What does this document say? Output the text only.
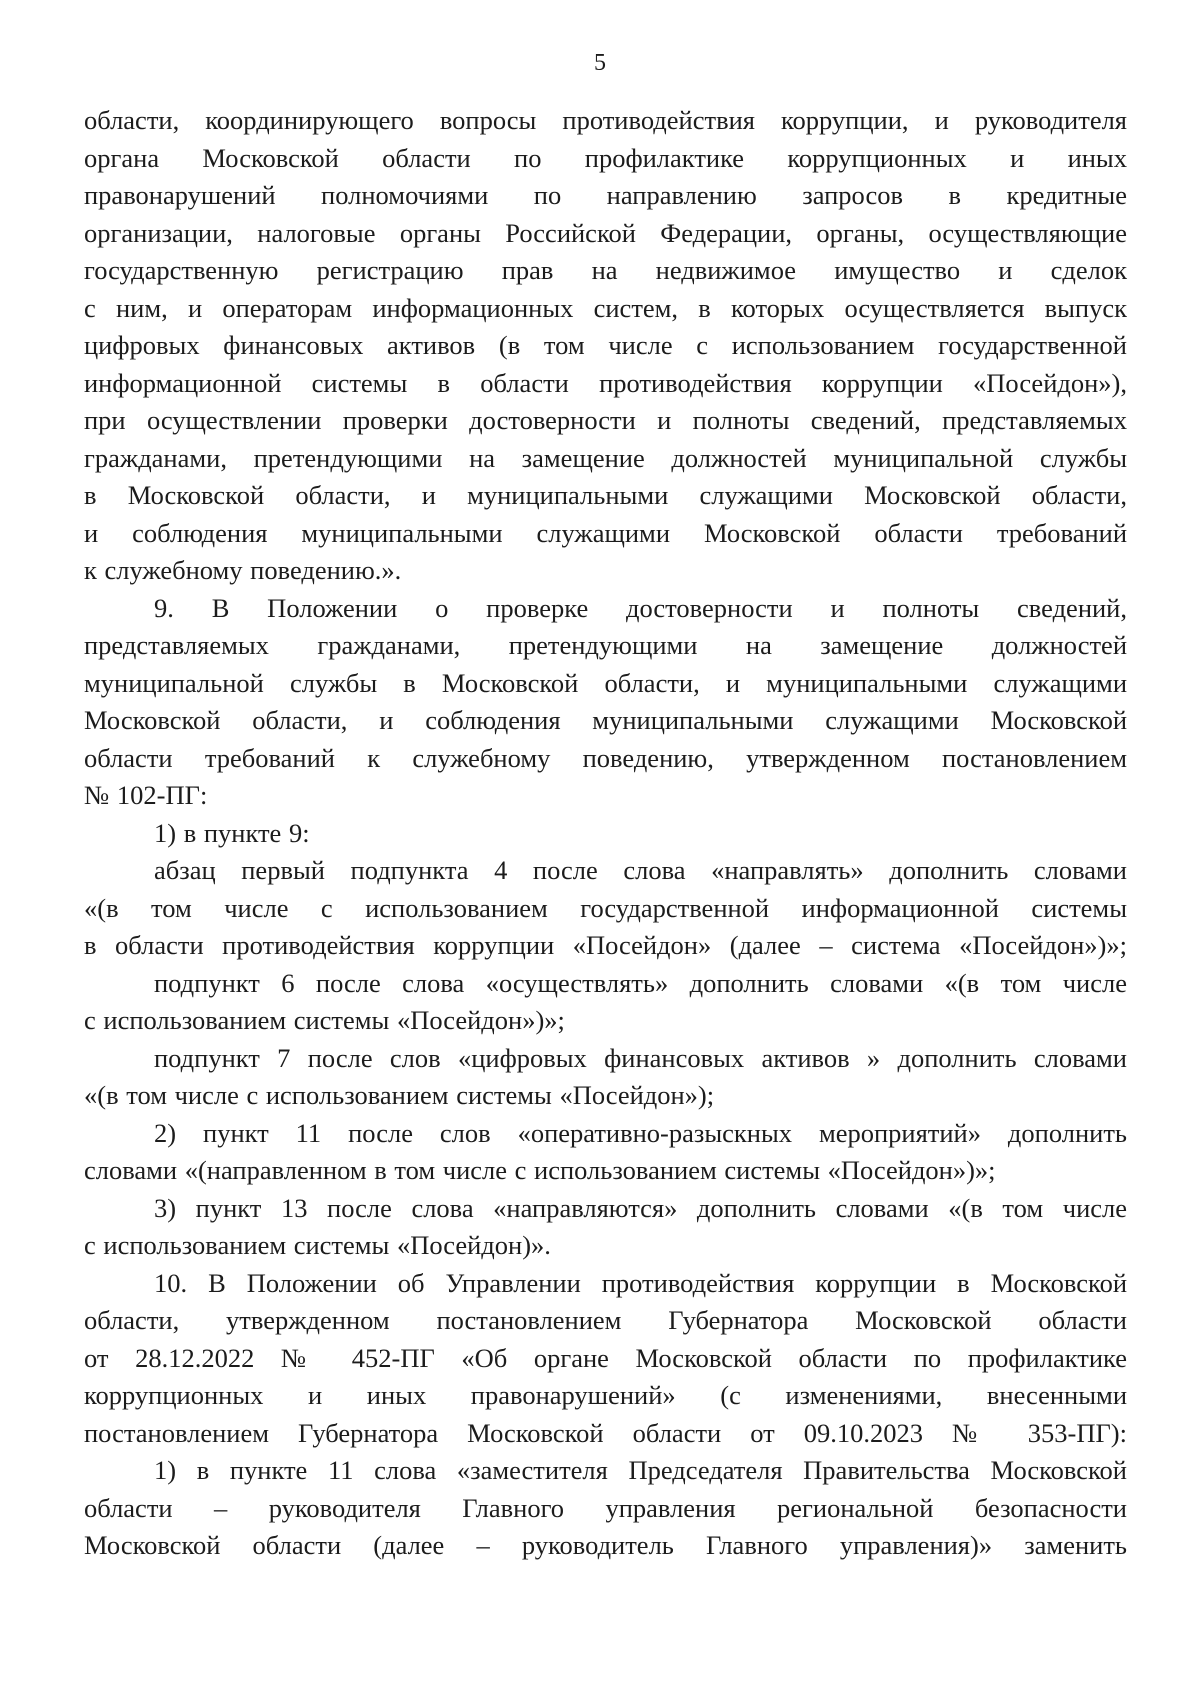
5

области, координирующего вопросы противодействия коррупции, и руководителя

органа Московской области по профилактике коррупционных и иных

правонарушений полномочиями по направлению запросов в кредитные

организации, налоговые органы Российской Федерации, органы, осуществляющие

государственную регистрацию прав на недвижимое имущество и сделок

с ним, и операторам информационных систем, в которых осуществляется выпуск

цифровых финансовых активов (в том числе с использованием государственной

информационной системы в области противодействия коррупции «Посейдон»),

при осуществлении проверки достоверности и полноты сведений, представляемых

гражданами, претендующими на замещение должностей муниципальной службы

в Московской области, и муниципальными служащими Московской области,

и соблюдения муниципальными служащими Московской области требований

к служебному поведению.».

9. В Положении о проверке достоверности и полноты сведений,

представляемых гражданами, претендующими на замещение должностей

муниципальной службы в Московской области, и муниципальными служащими

Московской области, и соблюдения муниципальными служащими Московской

области требований к служебному поведению, утвержденном постановлением

№ 102-ПГ:

1) в пункте 9:

абзац первый подпункта 4 после слова «направлять» дополнить словами

«(в том числе с использованием государственной информационной системы

в области противодействия коррупции «Посейдон» (далее – система «Посейдон»)»;

подпункт 6 после слова «осуществлять» дополнить словами «(в том числе

с использованием системы «Посейдон»)»;

подпункт 7 после слов «цифровых финансовых активов » дополнить словами

«(в том числе с использованием системы «Посейдон»);

2) пункт 11 после слов «оперативно-разыскных мероприятий» дополнить

словами «(направленном в том числе с использованием системы «Посейдон»)»;

3) пункт 13 после слова «направляются» дополнить словами «(в том числе

с использованием системы «Посейдон)».

10. В Положении об Управлении противодействия коррупции в Московской

области, утвержденном постановлением Губернатора Московской области

от 28.12.2022 № 452-ПГ «Об органе Московской области по профилактике

коррупционных и иных правонарушений» (с изменениями, внесенными

постановлением Губернатора Московской области от 09.10.2023 № 353-ПГ):

1) в пункте 11 слова «заместителя Председателя Правительства Московской

области – руководителя Главного управления региональной безопасности

Московской области (далее – руководитель Главного управления)» заменить
